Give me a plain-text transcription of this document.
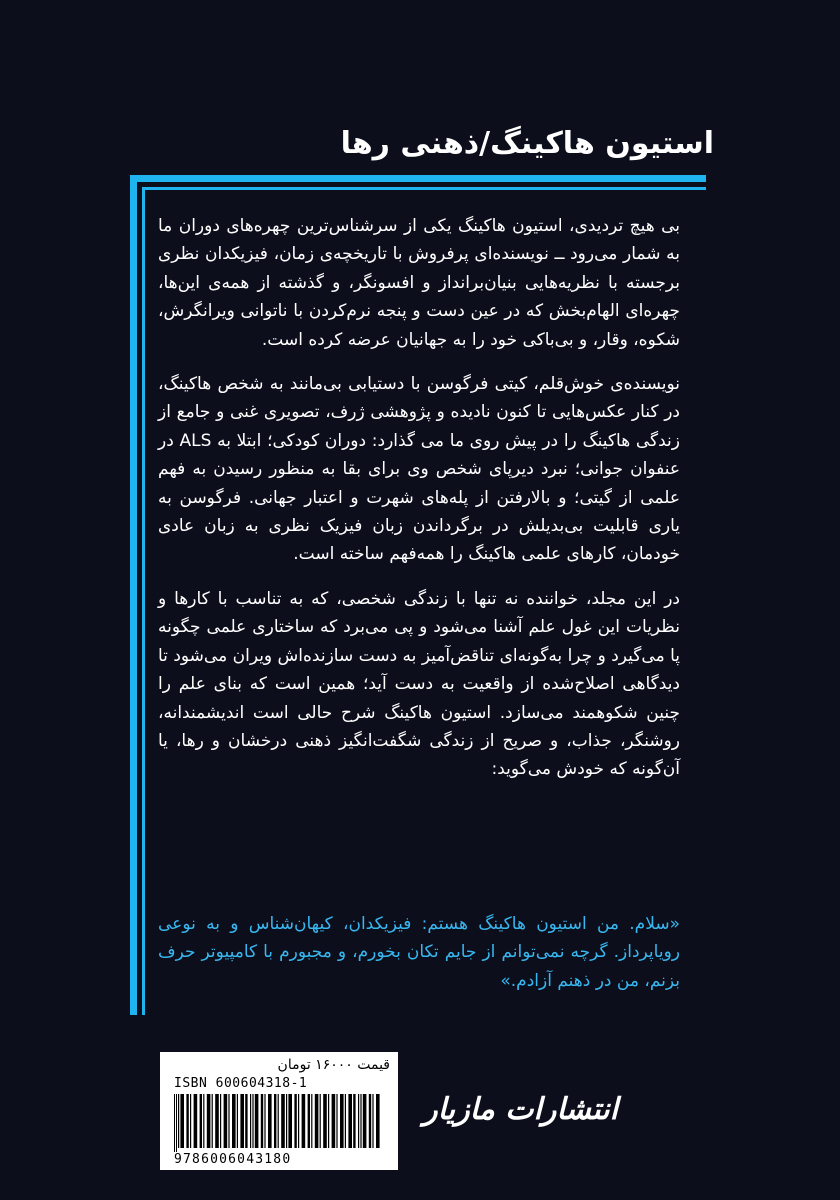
استیون هاکینگ/ذهنی رها

بی هیچ تردیدی، استیون هاکینگ یکی از سرشناس‌ترین چهره‌های دوران ما به شمار می‌رود ــ نویسنده‌ای پرفروش با تاریخچه‌ی زمان، فیزیکدان نظری برجسته با نظریه‌هایی بنیان‌برانداز و افسونگر، و گذشته از همه‌ی این‌ها، چهره‌ای الهام‌بخش که در عین دست و پنجه نرم‌کردن با ناتوانی ویرانگرش، شکوه، وقار، و بی‌باکی خود را به جهانیان عرضه کرده است.

نویسنده‌ی خوش‌قلم، کیتی فرگوسن با دستیابی بی‌مانند به شخص هاکینگ، در کنار عکس‌هایی تا کنون نادیده و پژوهشی ژرف، تصویری غنی و جامع از زندگی هاکینگ را در پیش روی ما می گذارد: دوران کودکی؛ ابتلا به ALS در عنفوان جوانی؛ نبرد دیرپای شخص وی برای بقا به منظور رسیدن به فهم علمی از گیتی؛ و بالارفتن از پله‌های شهرت و اعتبار جهانی. فرگوسن به یاری قابلیت بی‌بدیلش در برگرداندن زبان فیزیک نظری به زبان عادی خودمان، کارهای علمی هاکینگ را همه‌فهم ساخته است.

در این مجلد، خواننده نه تنها با زندگی شخصی، که به تناسب با کارها و نظریات این غول علم آشنا می‌شود و پی می‌برد که ساختاری علمی چگونه پا می‌گیرد و چرا به‌گونه‌ای تناقض‌آمیز به دست سازنده‌اش ویران می‌شود تا دیدگاهی اصلاح‌شده از واقعیت به دست آید؛ همین است که بنای علم را چنین شکوهمند می‌سازد. استیون هاکینگ شرح حالی است اندیشمندانه، روشنگر، جذاب، و صریح از زندگی شگفت‌انگیز ذهنی درخشان و رها، یا آن‌گونه که خودش می‌گوید:

«سلام. من استیون هاکینگ هستم: فیزیکدان، کیهان‌شناس و به نوعی رویاپرداز. گرچه نمی‌توانم از جایم تکان بخورم، و مجبورم با کامپیوتر حرف بزنم، من در ذهنم آزادم.»
قیمت ۱۶۰۰۰ تومان
ISBN 600604318-1
9786006043180
انتشارات مازیار
